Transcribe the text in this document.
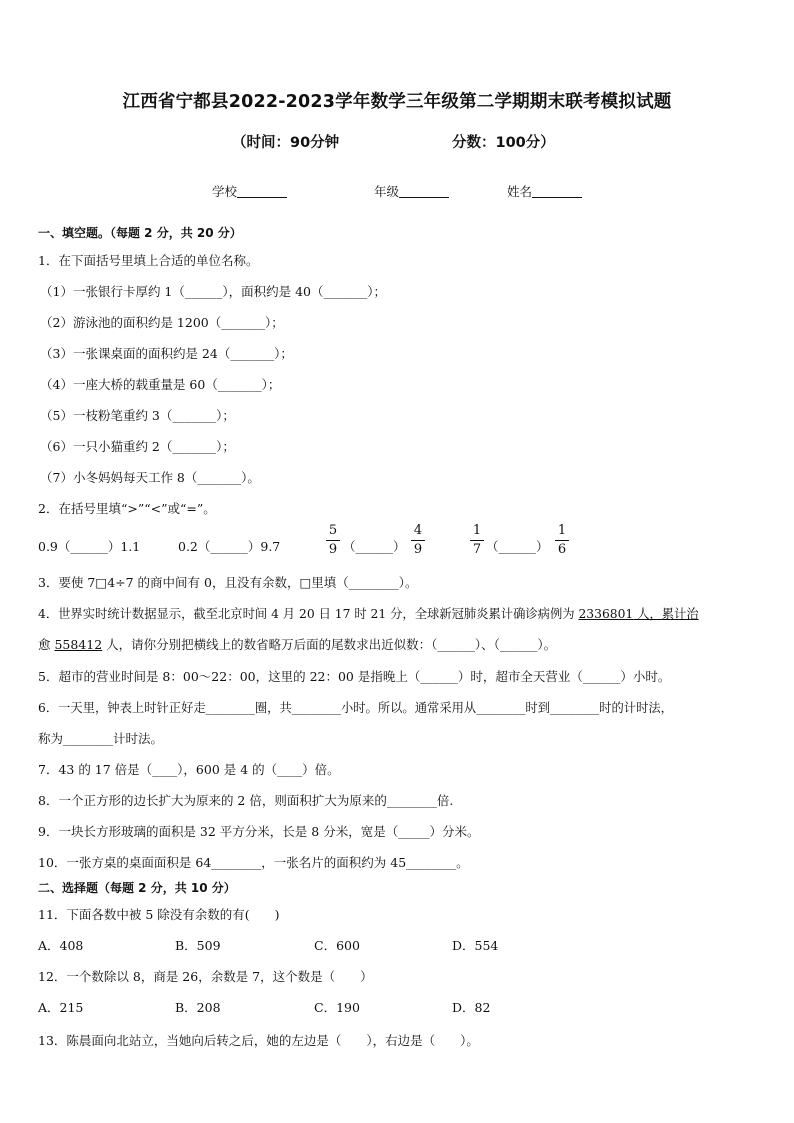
江西省宁都县2022-2023学年数学三年级第二学期期末联考模拟试题
（时间：90分钟	分数：100分）
学校	年级	姓名
一、填空题。（每题 2 分，共 20 分）
1．在下面括号里填上合适的单位名称。
（1）一张银行卡厚约 1（______），面积约是 40（_______）；
（2）游泳池的面积约是 1200（_______）；
（3）一张课桌面的面积约是 24（_______）；
（4）一座大桥的载重量是 60（_______）；
（5）一枝粉笔重约 3（_______）；
（6）一只小猫重约 2（_______）；
（7）小冬妈妈每天工作 8（_______）。
2．在括号里填“>”“<”或“=”。
0.9（______）1.1	0.2（______）9.7
5
9 （______）
4
9
1
7 （______）
1
6
3．要使 7□4÷7 的商中间有 0，且没有余数，□里填（________）。
4．世界实时统计数据显示，截至北京时间 4 月 20 日 17 时 21 分，全球新冠肺炎累计确诊病例为 2336801 人，累计治
愈 558412 人，请你分别把横线上的数省略万后面的尾数求出近似数：（______）、（______）。
5．超市的营业时间是 8：00～22：00，这里的 22：00 是指晚上（______）时，超市全天营业（______）小时。
6．一天里，钟表上时针正好走________圈，共________小时。所以。通常采用从________时到________时的计时法，
称为________计时法。
7．43 的 17 倍是（____），600 是 4 的（____）倍。
8．一个正方形的边长扩大为原来的 2 倍，则面积扩大为原来的________倍.
9．一块长方形玻璃的面积是 32 平方分米，长是 8 分米，宽是（_____）分米。
10．一张方桌的桌面面积是 64________，一张名片的面积约为 45________。
二、选择题（每题 2 分，共 10 分）
11．下面各数中被 5 除没有余数的有(　　)
A．408	B．509	C．600	D．554
12．一个数除以 8，商是 26，余数是 7，这个数是（　　）
A．215	B．208	C．190	D．82
13．陈晨面向北站立，当她向后转之后，她的左边是（　　），右边是（　　）。
